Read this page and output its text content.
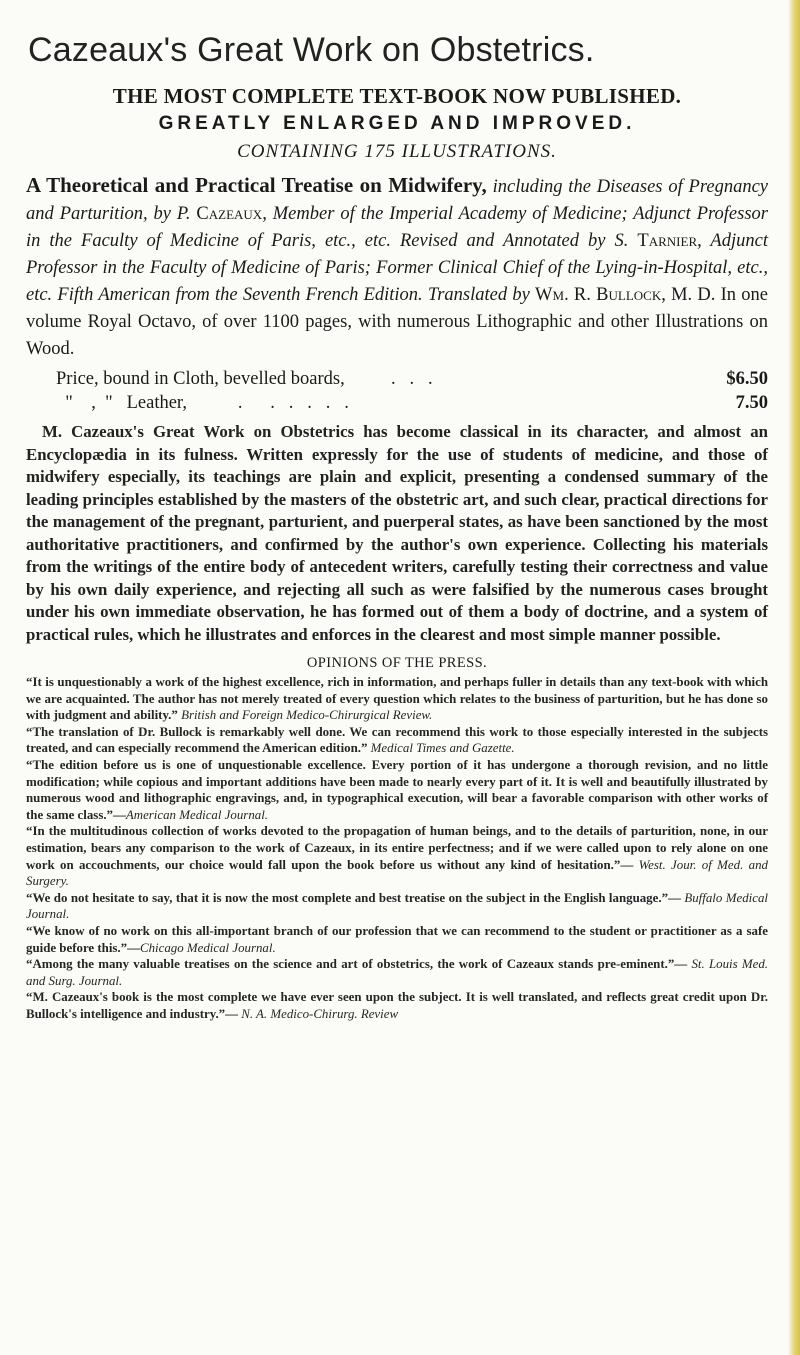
Cazeaux's Great Work on Obstetrics.
THE MOST COMPLETE TEXT-BOOK NOW PUBLISHED.
GREATLY ENLARGED AND IMPROVED.
CONTAINING 175 ILLUSTRATIONS.

A Theoretical and Practical Treatise on Midwifery, including the Diseases of Pregnancy and Parturition, by P. Cazeaux, Member of the Imperial Academy of Medicine; Adjunct Professor in the Faculty of Medicine of Paris, etc., etc. Revised and Annotated by S. Tarnier, Adjunct Professor in the Faculty of Medicine of Paris; Former Clinical Chief of the Lying-in-Hospital, etc., etc. Fifth American from the Seventh French Edition. Translated by Wm. R. Bullock, M. D. In one volume Royal Octavo, of over 1100 pages, with numerous Lithographic and other Illustrations on Wood.

Price, bound in Cloth, bevelled boards,          .   .   .	$6.50
"    ,  "   Leather,           .      .   .   .   .   .	7.50

M. Cazeaux's Great Work on Obstetrics has become classical in its character, and almost an Encyclopædia in its fulness. Written expressly for the use of students of medicine, and those of midwifery especially, its teachings are plain and explicit, presenting a condensed summary of the leading principles established by the masters of the obstetric art, and such clear, practical directions for the management of the pregnant, parturient, and puerperal states, as have been sanctioned by the most authoritative practitioners, and confirmed by the author's own experience. Collecting his materials from the writings of the entire body of antecedent writers, carefully testing their correctness and value by his own daily experience, and rejecting all such as were falsified by the numerous cases brought under his own immediate observation, he has formed out of them a body of doctrine, and a system of practical rules, which he illustrates and enforces in the clearest and most simple manner possible.

OPINIONS OF THE PRESS.

“It is unquestionably a work of the highest excellence, rich in information, and perhaps fuller in details than any text-book with which we are acquainted. The author has not merely treated of every question which relates to the business of parturition, but he has done so with judgment and ability.” British and Foreign Medico-Chirurgical Review.

“The translation of Dr. Bullock is remarkably well done. We can recommend this work to those especially interested in the subjects treated, and can especially recommend the American edition.” Medical Times and Gazette.

“The edition before us is one of unquestionable excellence. Every portion of it has undergone a thorough revision, and no little modification; while copious and important additions have been made to nearly every part of it. It is well and beautifully illustrated by numerous wood and lithographic engravings, and, in typographical execution, will bear a favorable comparison with other works of the same class.”—American Medical Journal.

“In the multitudinous collection of works devoted to the propagation of human beings, and to the details of parturition, none, in our estimation, bears any comparison to the work of Cazeaux, in its entire perfectness; and if we were called upon to rely alone on one work on accouchments, our choice would fall upon the book before us without any kind of hesitation.”— West. Jour. of Med. and Surgery.

“We do not hesitate to say, that it is now the most complete and best treatise on the subject in the English language.”— Buffalo Medical Journal.

“We know of no work on this all-important branch of our profession that we can recommend to the student or practitioner as a safe guide before this.”—Chicago Medical Journal.

“Among the many valuable treatises on the science and art of obstetrics, the work of Cazeaux stands pre-eminent.”— St. Louis Med. and Surg. Journal.

“M. Cazeaux's book is the most complete we have ever seen upon the subject. It is well translated, and reflects great credit upon Dr. Bullock's intelligence and industry.”— N. A. Medico-Chirurg. Review
